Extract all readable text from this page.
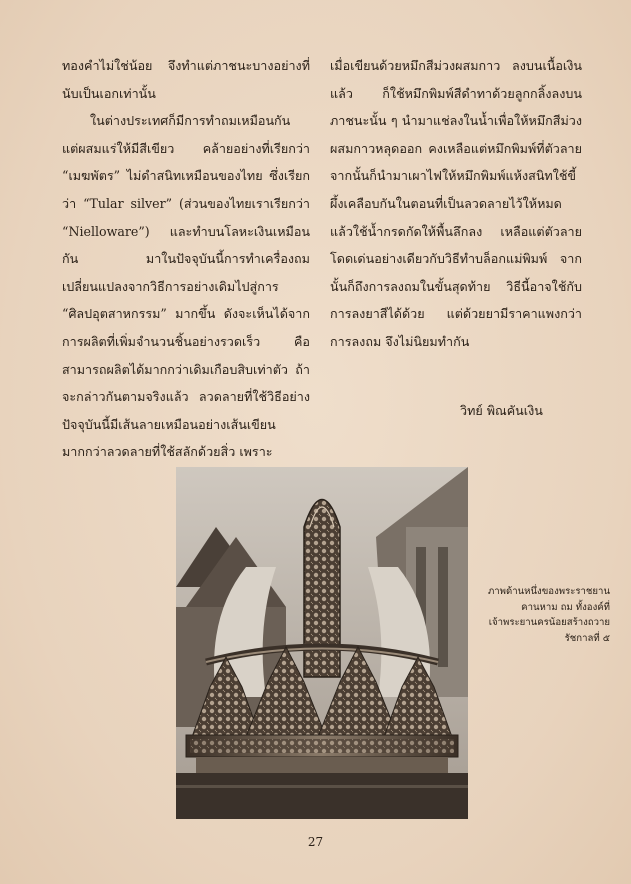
ทองคำไม่ใช่น้อย จึงทำแต่ภาชนะบางอย่างที่นับเป็นเอกเท่านั้น

ในต่างประเทศก็มีการทำถมเหมือนกัน แต่ผสมแร่ให้มีสีเขียว คล้ายอย่างที่เรียกว่า “เมฆพัตร” ไม่ดำสนิทเหมือนของไทย ซึ่งเรียกว่า “Tular silver” (ส่วนของไทยเราเรียกว่า “Nielloware”) และทำบนโลหะเงินเหมือนกัน มาในปัจจุบันนี้การทำเครื่องถมเปลี่ยนแปลงจากวิธีการอย่างเดิมไปสู่การ “ศิลปอุตสาหกรรม” มากขึ้น ดังจะเห็นได้จากการผลิตที่เพิ่มจำนวนชิ้นอย่างรวดเร็ว คือสามารถผลิตได้มากกว่าเดิมเกือบสิบเท่าตัว ถ้าจะกล่าวกันตามจริงแล้ว ลวดลายที่ใช้วิธีอย่างปัจจุบันนี้มีเส้นลายเหมือนอย่างเส้นเขียนมากกว่าลวดลายที่ใช้สลักด้วยสิ่ว เพราะ

เมื่อเขียนด้วยหมึกสีม่วงผสมกาว ลงบนเนื้อเงินแล้ว ก็ใช้หมึกพิมพ์สีดำทาด้วยลูกกลิ้งลงบนภาชนะนั้น ๆ นำมาแช่ลงในน้ำเพื่อให้หมึกสีม่วงผสมกาวหลุดออก คงเหลือแต่หมึกพิมพ์ที่ตัวลาย จากนั้นก็นำมาเผาไฟให้หมึกพิมพ์แห้งสนิทใช้ขี้ผึ้งเคลือบกันในตอนที่เป็นลวดลายไว้ให้หมดแล้วใช้น้ำกรดกัดให้พื้นลึกลง เหลือแต่ตัวลายโดดเด่นอย่างเดียวกับวิธีทำบล็อกแม่พิมพ์ จากนั้นก็ถึงการลงถมในขั้นสุดท้าย วิธีนี้อาจใช้กับการลงยาสีได้ด้วย แต่ด้วยยามีราคาแพงกว่าการลงถม จึงไม่นิยมทำกัน

วิทย์ พิณคันเงิน
ภาพด้านหนึ่งของพระราชยาน คานหาม ถม ทั้งองค์ที่เจ้าพระยานครน้อยสร้างถวายรัชกาลที่ ๕
27
